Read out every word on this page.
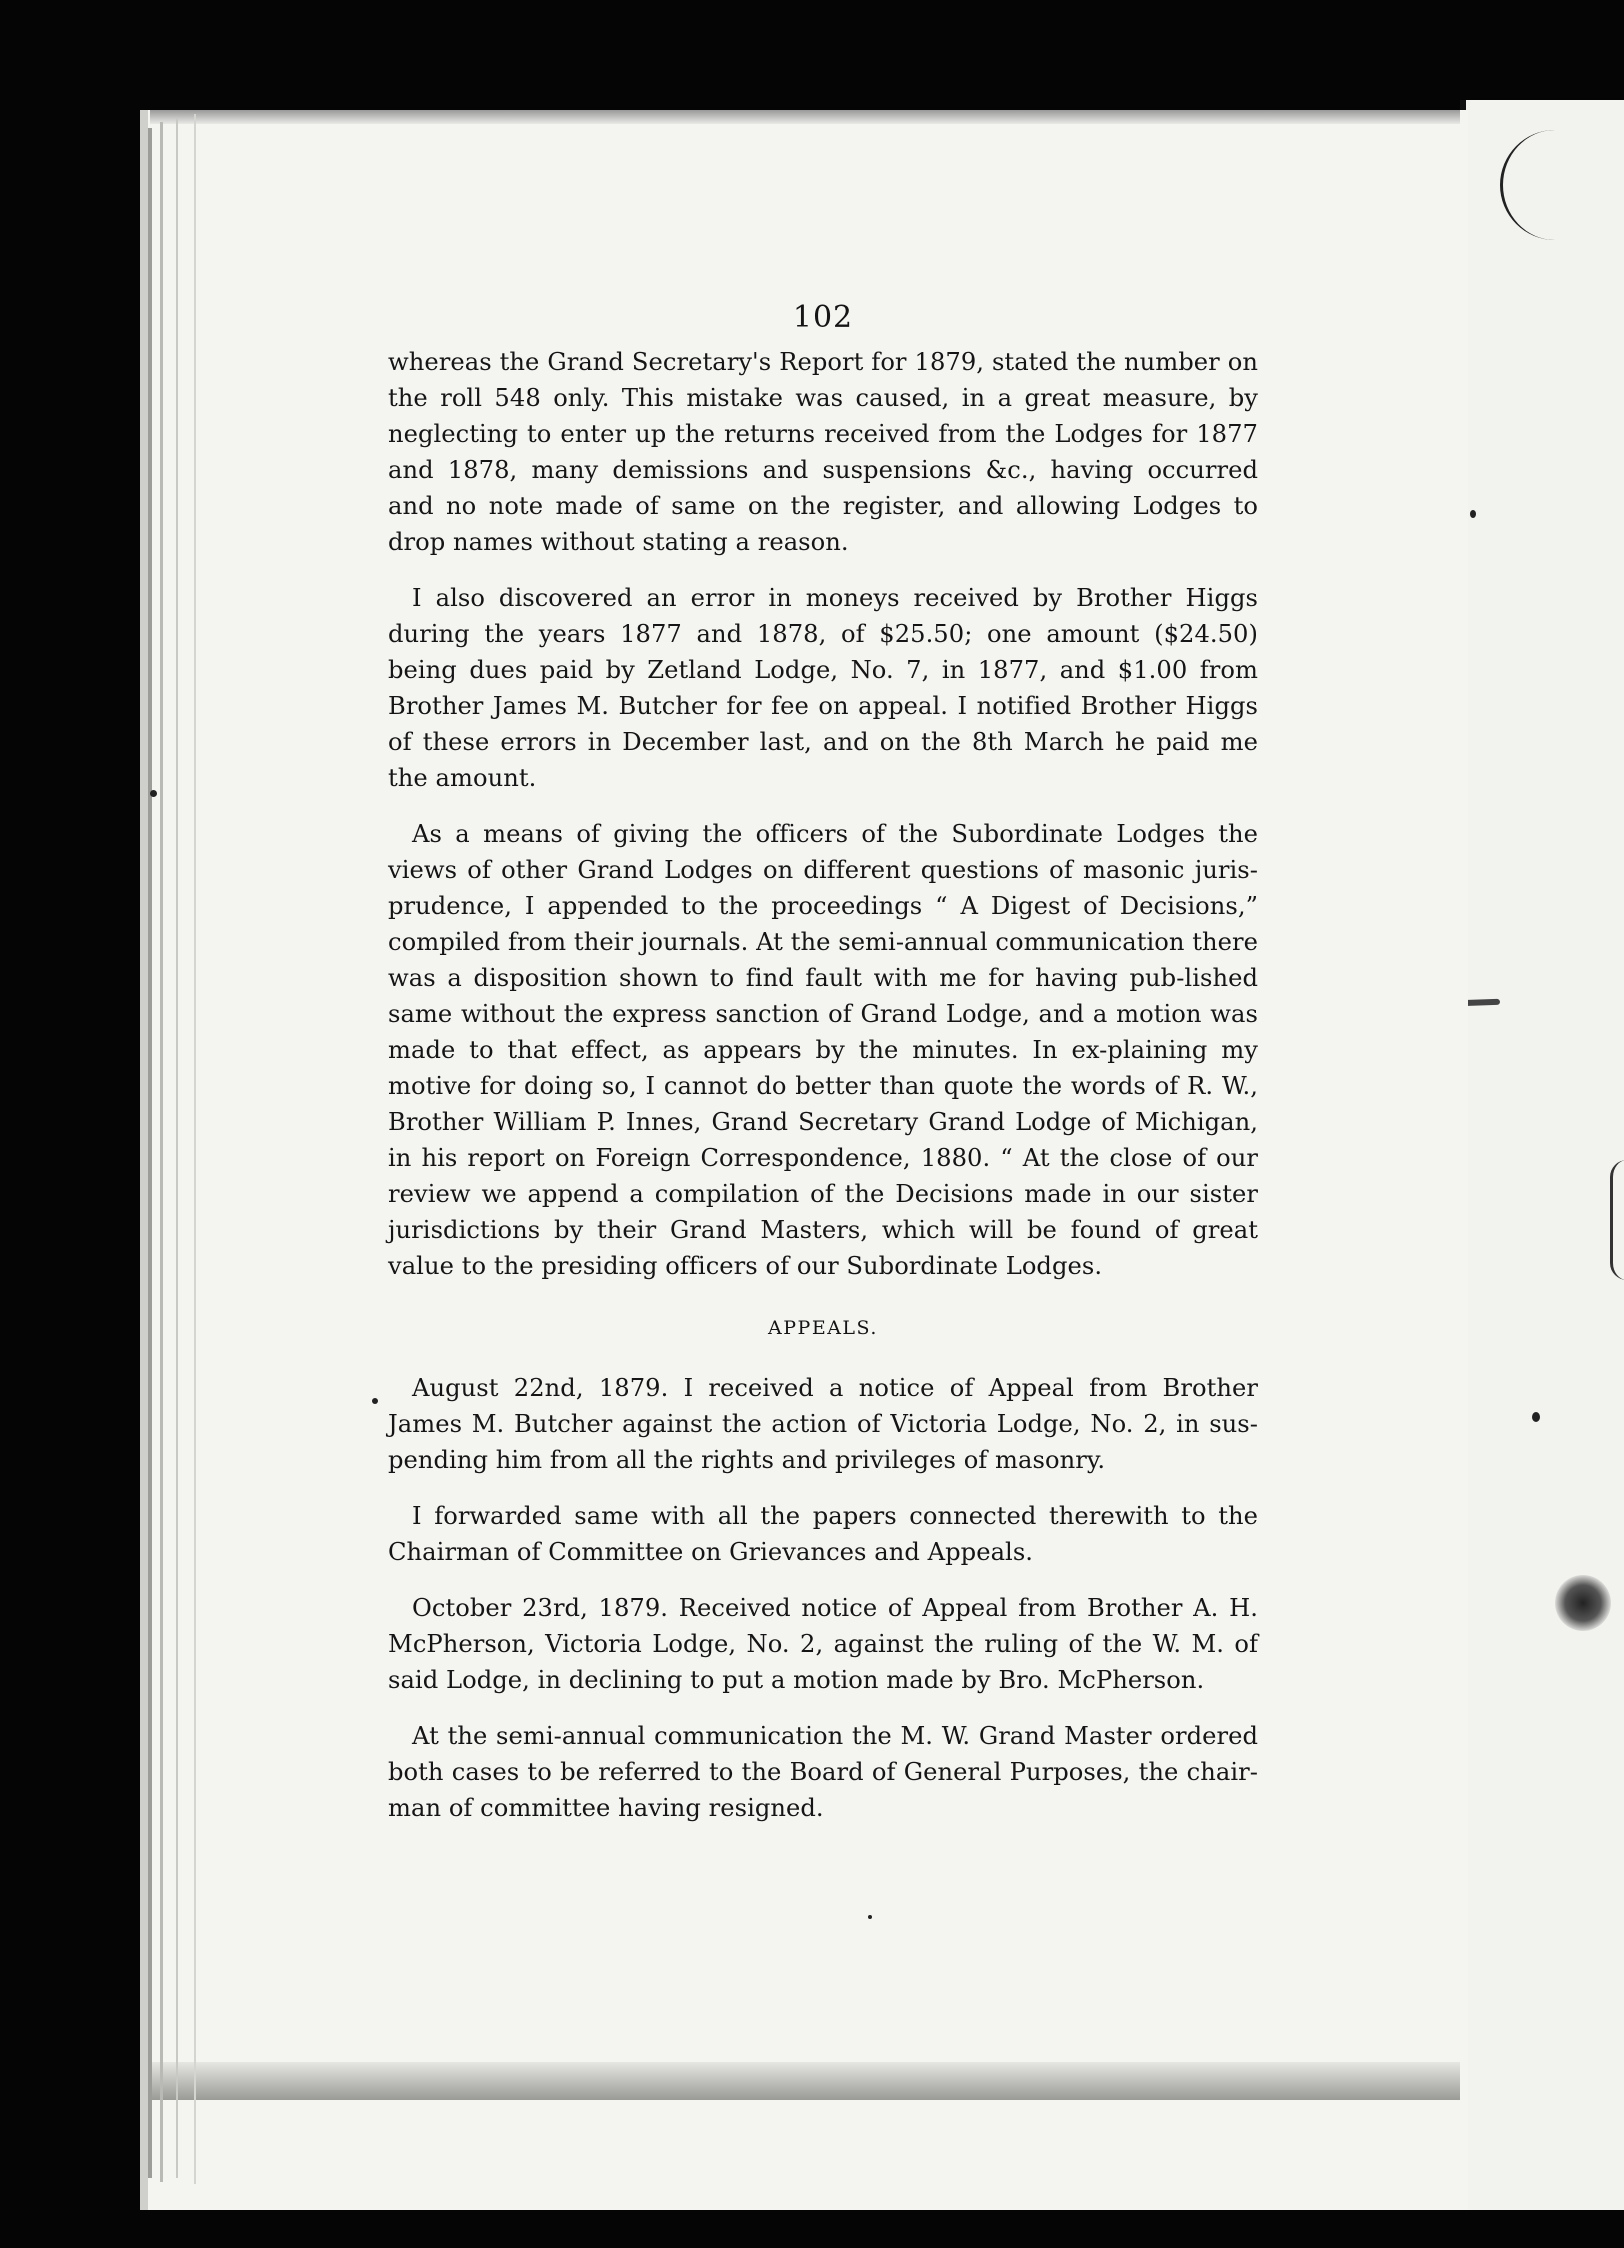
102

whereas the Grand Secretary's Report for 1879, stated the number on the roll 548 only. This mistake was caused, in a great measure, by neglecting to enter up the returns received from the Lodges for 1877 and 1878, many demissions and suspensions &c., having occurred and no note made of same on the register, and allowing Lodges to drop names without stating a reason.

I also discovered an error in moneys received by Brother Higgs during the years 1877 and 1878, of $25.50; one amount ($24.50) being dues paid by Zetland Lodge, No. 7, in 1877, and $1.00 from Brother James M. Butcher for fee on appeal. I notified Brother Higgs of these errors in December last, and on the 8th March he paid me the amount.

As a means of giving the officers of the Subordinate Lodges the views of other Grand Lodges on different questions of masonic juris-prudence, I appended to the proceedings “ A Digest of Decisions,” compiled from their journals. At the semi-annual communication there was a disposition shown to find fault with me for having pub-lished same without the express sanction of Grand Lodge, and a motion was made to that effect, as appears by the minutes. In ex-plaining my motive for doing so, I cannot do better than quote the words of R. W., Brother William P. Innes, Grand Secretary Grand Lodge of Michigan, in his report on Foreign Correspondence, 1880. “ At the close of our review we append a compilation of the Decisions made in our sister jurisdictions by their Grand Masters, which will be found of great value to the presiding officers of our Subordinate Lodges.

APPEALS.

August 22nd, 1879. I received a notice of Appeal from Brother James M. Butcher against the action of Victoria Lodge, No. 2, in sus-pending him from all the rights and privileges of masonry.

I forwarded same with all the papers connected therewith to the Chairman of Committee on Grievances and Appeals.

October 23rd, 1879. Received notice of Appeal from Brother A. H. McPherson, Victoria Lodge, No. 2, against the ruling of the W. M. of said Lodge, in declining to put a motion made by Bro. McPherson.

At the semi-annual communication the M. W. Grand Master ordered both cases to be referred to the Board of General Purposes, the chair-man of committee having resigned.
